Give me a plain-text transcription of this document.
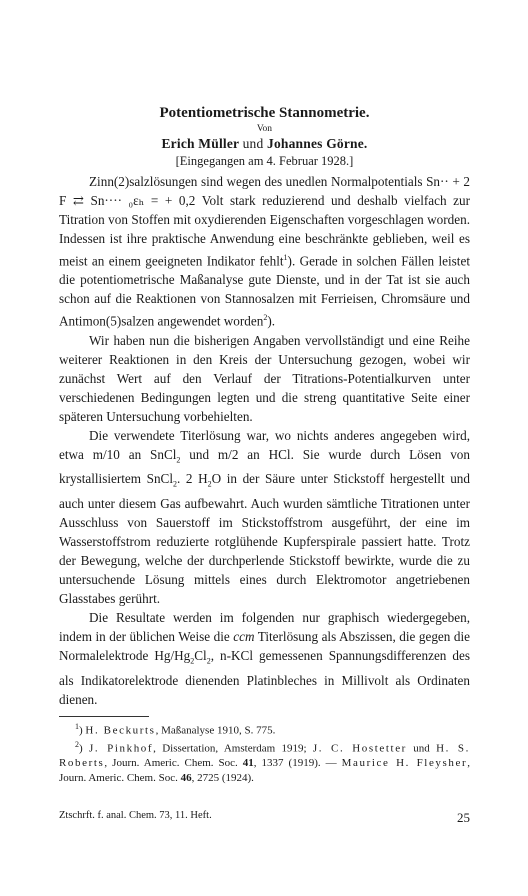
Potentiometrische Stannometrie.
Von
Erich Müller und Johannes Görne.
[Eingegangen am 4. Februar 1928.]

Zinn(2)salzlösungen sind wegen des unedlen Normalpotentials Sn·· + 2 F ⇄ Sn···· ₀εₕ = + 0,2 Volt stark reduzierend und deshalb vielfach zur Titration von Stoffen mit oxydierenden Eigenschaften vorgeschlagen worden. Indessen ist ihre praktische Anwendung eine beschränkte geblieben, weil es meist an einem geeigneten Indikator fehlt$^1$). Gerade in solchen Fällen leistet die potentiometrische Maßanalyse gute Dienste, und in der Tat ist sie auch schon auf die Reaktionen von Stannosalzen mit Ferrieisen, Chromsäure und Antimon(5)salzen angewendet worden$^2$).

Wir haben nun die bisherigen Angaben vervollständigt und eine Reihe weiterer Reaktionen in den Kreis der Untersuchung gezogen, wobei wir zunächst Wert auf den Verlauf der Titrations-Potentialkurven unter verschiedenen Bedingungen legten und die streng quantitative Seite einer späteren Untersuchung vorbehielten.

Die verwendete Titerlösung war, wo nichts anderes angegeben wird, etwa m/10 an SnCl$_2$ und m/2 an HCl. Sie wurde durch Lösen von krystallisiertem SnCl$_2$. 2 $H_2O$ in der Säure unter Stickstoff hergestellt und auch unter diesem Gas aufbewahrt. Auch wurden sämtliche Titrationen unter Ausschluss von Sauerstoff im Stickstoffstrom ausgeführt, der eine im Wasserstoffstrom reduzierte rotglühende Kupferspirale passiert hatte. Trotz der Bewegung, welche der durchperlende Stickstoff bewirkte, wurde die zu untersuchende Lösung mittels eines durch Elektromotor angetriebenen Glasstabes gerührt.

Die Resultate werden im folgenden nur graphisch wiedergegeben, indem in der üblichen Weise die ccm Titerlösung als Abszissen, die gegen die Normalelektrode $Hg/Hg_2Cl_2$, n-KCl gemessenen Spannungsdifferenzen des als Indikatorelektrode dienenden Platinbleches in Millivolt als Ordinaten dienen.

$^1$) H. Beckurts, Maßanalyse 1910, S. 775.

$^2$) J. Pinkhof, Dissertation, Amsterdam 1919; J. C. Hostetter und H. S. Roberts, Journ. Americ. Chem. Soc. 41, 1337 (1919). — Maurice H. Fleysher, Journ. Americ. Chem. Soc. 46, 2725 (1924).

Ztschrft. f. anal. Chem. 73, 11. Heft.	25
